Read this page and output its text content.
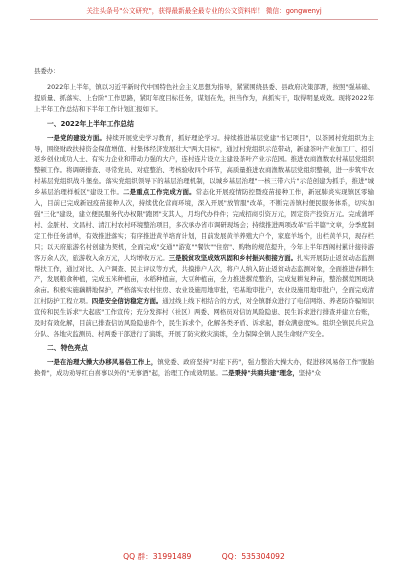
关注头条号"公文研究"，获得最新最全最专业的公文资料库！ 微信：gongwenyj

县委办：

2022年上半年，镇以习近平新时代中国特色社会主义思想为指导，紧紧围绕县委、县政府决策部署，按照"强基础、提质量、抓落实、上台阶"工作思路，紧盯年度目标任务，谋划在先，担当作为，真抓实干，取得明显成效。现将2022年上半年工作总结和下半年工作计划汇报如下。

一、2022年上半年工作总结

一是党的建设方面。持续开展党史学习教育，抓好理论学习。持续推进基层党建"书记项目"，以茶园村党组织为主导，围绕财政扶持资金保值增值、村集体经济发展壮大"两大目标"，通过村党组织示范带动，新建茶叶产业加工厂、招引返乡创业成功人士、有实力企业和带动力强的大户，连村连片设立主建设茶叶产业示范园。推进农商渔数农村基层党组织整顿工作。将调研排查、寻常党员、对症整治、考核验收四个环节，高质量推进农商渔数基层党组织整顿，进一步筑牢农村基层党组织战斗堡垒。落实党组织领导下的基层治理机制，以城乡基层治理"一核三带六片"示范创建为抓手，推进"城乡基层治理样板区"建设工作。二是重点工作完成方面。常态化开展疫情防控暨疫苗接种工作，新冠肺炎实现镇区零输入，目前已完成新冠疫苗接种人次，持续优化营商环境，深入开展"放管服"改革，不断完善镇村便民服务体系，切实加强"三化"建设，建立便民服务代办权限"跑团"支其人，月均代办件件；完成招商引资万元，固定资产投资万元。完成蒲坪村、金脏村、文昌村、清江村农村环境整治项目，多次承办省市调研现场会；持续推进两项改革"后半篇"文章，分季度制定工作任务清单，有效推进落实；有序推进黄羊培育计划，目前发展黄羊养殖大户个，家庭羊场个，出栏黄羊只，现存栏只；以天府旅游名村创建为契机，全面完成"交通""游览""餐饮""住宿"、购物的规范提升，今年上半年西阁村累计接待游客万余人次，旅游收入余万元，人均增收万元。三是脱贫攻坚成效巩固和乡村振兴衔接方面。扎实开展防止返贫动态监测帮扶工作，通过对比、入户调查、民主评议等方式，共摸排户人次，将户人纳入防止返贫动态监测对象，全面推进春耕生产，发展粮食种植，完成玉米种植亩，水稻种植亩，大豆种植亩，全力推进撂荒整治，完成复耕复种亩，整治撂荒图斑块余亩。积极实施藕耕地保护，严格落实农村住房、农业设施用地审批，宅基地审批户，农业设施用地审批户，全面完成清江村防护工程立项。四是安全信访稳定方面。通过线上线下相结合的方式，对全镇群众进行了电信网络、养老防诈骗知识宣传和民生诉求"大起底"工作宣传；充分发挥村（社区）两委、网格员对信访风险隐患、民生诉求进行排查并建立台账，及时有效化解，目前已排查信访风险隐患件个，民生诉求个，化解各类矛盾、诉求起，群众满意度%。组织全镇民兵应急分队、各地灾监测员、村两委干部进行了演练，开展了防灾救灾演练，全力保障全镇人民生命财产安全。

二、特色亮点

一是在治理大操大办移风易俗工作上，镇党委、政府坚持"对症下药"，强力整治大操大办，促进移风易俗工作"脱胎换骨"，成功劝导红白喜事以外的"无事酒"起，治理工作成效明显。二是秉持"共商共建"理念，坚持"众

QQ 群：31991489	QQ：535304092
